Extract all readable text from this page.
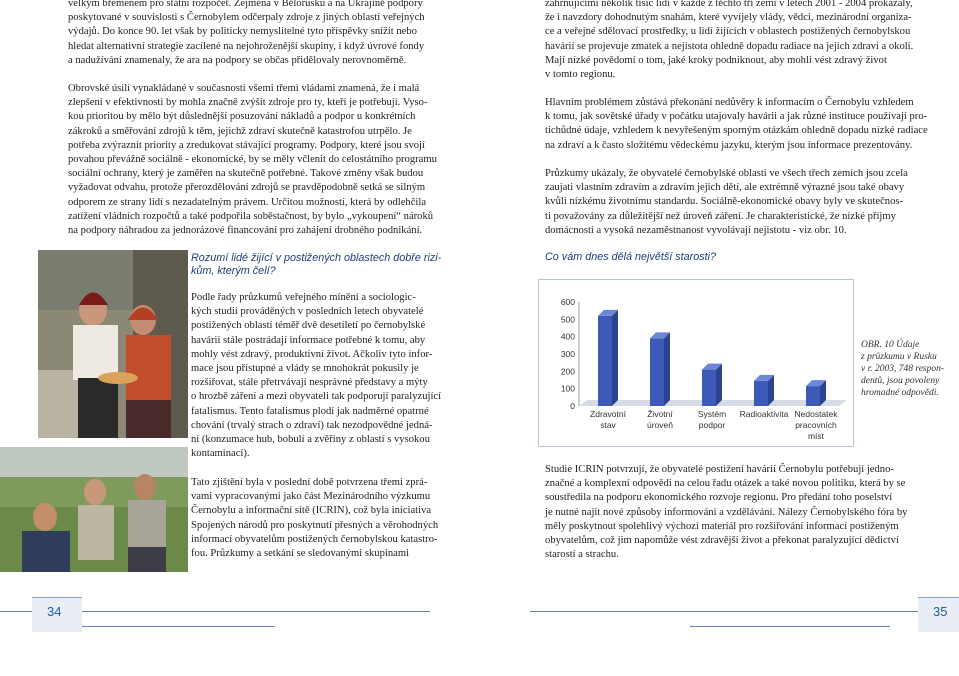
velkým břemenem pro státní rozpočet. Zejména v Bělorusku a na Ukrajině podpory
poskytované v souvislosti s Černobylem odčerpaly zdroje z jiných oblastí veřejných
výdajů. Do konce 90. let však by politicky nemyslitelné tyto příspěvky snížit nebo
hledat alternativní strategie zacílené na nejohroženější skupiny, i když úvrové fondy
a nadužívání znamenaly, že ara na podpory se občas přidělovaly nerovnoměrně.

Obrovské úsilí vynakládané v současnosti všemi třemi vládami znamená, že i malá
zlepšení v efektivnosti by mohla značně zvýšit zdroje pro ty, kteří je potřebují. Vyso-
kou prioritou by mělo být důslednější posuzování nákladů a podpor u konkrétních
zákroků a směřování zdrojů k těm, jejichž zdraví skutečně katastrofou utrpělo. Je
potřeba zvýraznit priority a zredukovat stávající programy. Podpory, které jsou svojí
povahou převážně sociálně - ekonomické, by se měly včlenit do celostátního programu
sociální ochrany, který je zaměřen na skutečně potřebné. Takové změny však budou
vyžadovat odvahu, protože přerozdělování zdrojů se pravděpodobně setká se silným
odporem ze strany lidí s nezadatelným právem. Určitou možností, která by odlehčila
zatížení vládních rozpočtů a také podpořila soběstačnost, by bylo „vykoupení“ nároků
na podpory náhradou za jednorázové financování pro zahájení drobného podnikání.

Rozumí lidé žijící v postižených oblastech dobře rizi-
kům, kterým čelí?

Podle řady průzkumů veřejného mínění a sociologic-
kých studií prováděných v posledních letech obyvatelé
postižených oblastí téměř dvě desetiletí po černobylské
havárii stále postrádají informace potřebné k tomu, aby
mohly vést zdravý, produktivní život. Ačkoliv tyto infor-
mace jsou přístupné a vlády se mnohokrát pokusily je
rozšiřovat, stále přetrvávají nesprávné představy a mýty
o hrozbě záření a mezi obyvateli tak podporují paralyzující
fatalismus. Tento fatalismus plodí jak nadměrné opatrné
chování (trvalý strach o zdraví) tak nezodpovědné jedná-
ní (konzumace hub, bobulí a zvěřiny z oblastí s vysokou
kontaminací).

Tato zjištění byla v poslední době potvrzena třemi zprá-
vami vypracovanými jako část Mezinárodního výzkumu
Černobylu a informační sítě (ICRIN), což byla iniciativa
Spojených národů pro poskytnutí přesných a věrohodných
informací obyvatelům postižených černobylskou katastro-
fou. Průzkumy a setkání se sledovanými skupinami

zahrnujícími několik tisíc lidí v každé z těchto tří zemí v letech 2001 - 2004 prokázaly,
že i navzdory dohodnutým snahám, které vyvíjely vlády, vědci, mezinárodní organiza-
ce a veřejné sdělovací prostředky, u lidí žijících v oblastech postižených černobylskou
havárií se projevuje zmatek a nejistota ohledně dopadu radiace na jejich zdraví a okolí.
Mají nízké povědomí o tom, jaké kroky podniknout, aby mohli vést zdravý život
v tomto regionu.

Hlavním problémem zůstává překonání nedůvěry k informacím o Černobylu vzhledem
k tomu, jak sovětské úřady v počátku utajovaly havárii a jak různé instituce používají pro-
tichůdné údaje, vzhledem k nevyřešeným sporným otázkám ohledně dopadu nízké radiace
na zdraví a k často složitému vědeckému jazyku, kterým jsou informace prezentovány.

Průzkumy ukázaly, že obyvatelé černobylské oblasti ve všech třech zemích jsou zcela
zaujati vlastním zdravím a zdravím jejich dětí, ale extrémně výrazné jsou také obavy
kvůli nízkému životnímu standardu. Sociálně-ekonomické obavy byly ve skutečnos-
ti považovány za důležitější než úroveň záření. Je charakteristické, že nízké příjmy
domácností a vysoká nezaměstnanost vyvolávají nejistotu - viz obr. 10.

Co vám dnes dělá největší starosti?

0
100
200
300
400
500
600
Zdravotní stav
Životní úroveň
Systém podpor
Radioaktivita Nedostatek pracovních míst
OBR. 10 Údaje
z průzkumu v Rusku
v r. 2003, 748 respon-
dentů, jsou povoleny
hromadné odpovědi.

Studie ICRIN potvrzují, že obyvatelé postižení havárií Černobylu potřebují jedno-
značné a komplexní odpovědi na celou řadu otázek a také novou politiku, která by se
soustředila na podporu ekonomického rozvoje regionu. Pro předání toho poselství
je nutné najít nové způsoby informování a vzdělávání. Nálezy Černobylského fóra by
měly poskytnout spolehlivý výchozí materiál pro rozšiřování informací postiženým
obyvatelům, což jim napomůže vést zdravější život a překonat paralyzující dědictví
starostí a strachu.

34	35
